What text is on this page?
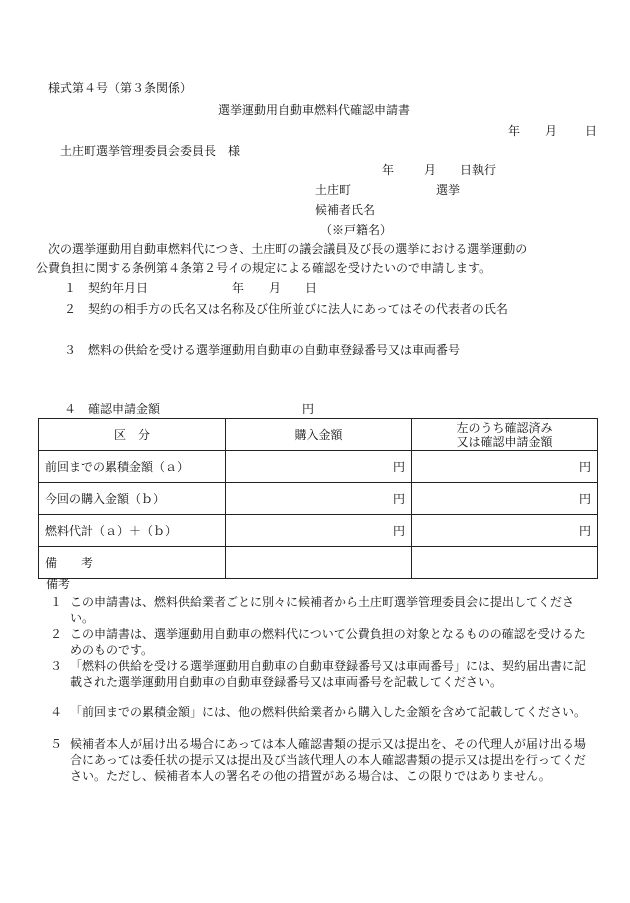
様式第４号（第３条関係）
選挙運動用自動車燃料代確認申請書
年 月 日
土庄町選挙管理委員会委員長　様
年 月 日執行
土庄町	選挙
候補者氏名
（※戸籍名）
次の選挙運動用自動車燃料代につき、土庄町の議会議員及び長の選挙における選挙運動の
公費負担に関する条例第４条第２号イの規定による確認を受けたいので申請します。
１ 契約年月日	年 月 日
２ 契約の相手方の氏名又は名称及び住所並びに法人にあってはその代表者の氏名
３ 燃料の供給を受ける選挙運動用自動車の自動車登録番号又は車両番号
４ 確認申請金額	円
区　分	購入金額	左のうち確認済み
又は確認申請金額

前回までの累積金額（ａ）	円	円
今回の購入金額（ｂ）	円	円
燃料代計（ａ）＋（ｂ）	円	円
備　　考		
備考
１ この申請書は、燃料供給業者ごとに別々に候補者から土庄町選挙管理委員会に提出してください。
２ この申請書は、選挙運動用自動車の燃料代について公費負担の対象となるものの確認を受けるためのものです。
３ 「燃料の供給を受ける選挙運動用自動車の自動車登録番号又は車両番号」には、契約届出書に記載された選挙運動用自動車の自動車登録番号又は車両番号を記載してください。
４ 「前回までの累積金額」には、他の燃料供給業者から購入した金額を含めて記載してください。
５ 候補者本人が届け出る場合にあっては本人確認書類の提示又は提出を、その代理人が届け出る場合にあっては委任状の提示又は提出及び当該代理人の本人確認書類の提示又は提出を行ってください。ただし、候補者本人の署名その他の措置がある場合は、この限りではありません。
